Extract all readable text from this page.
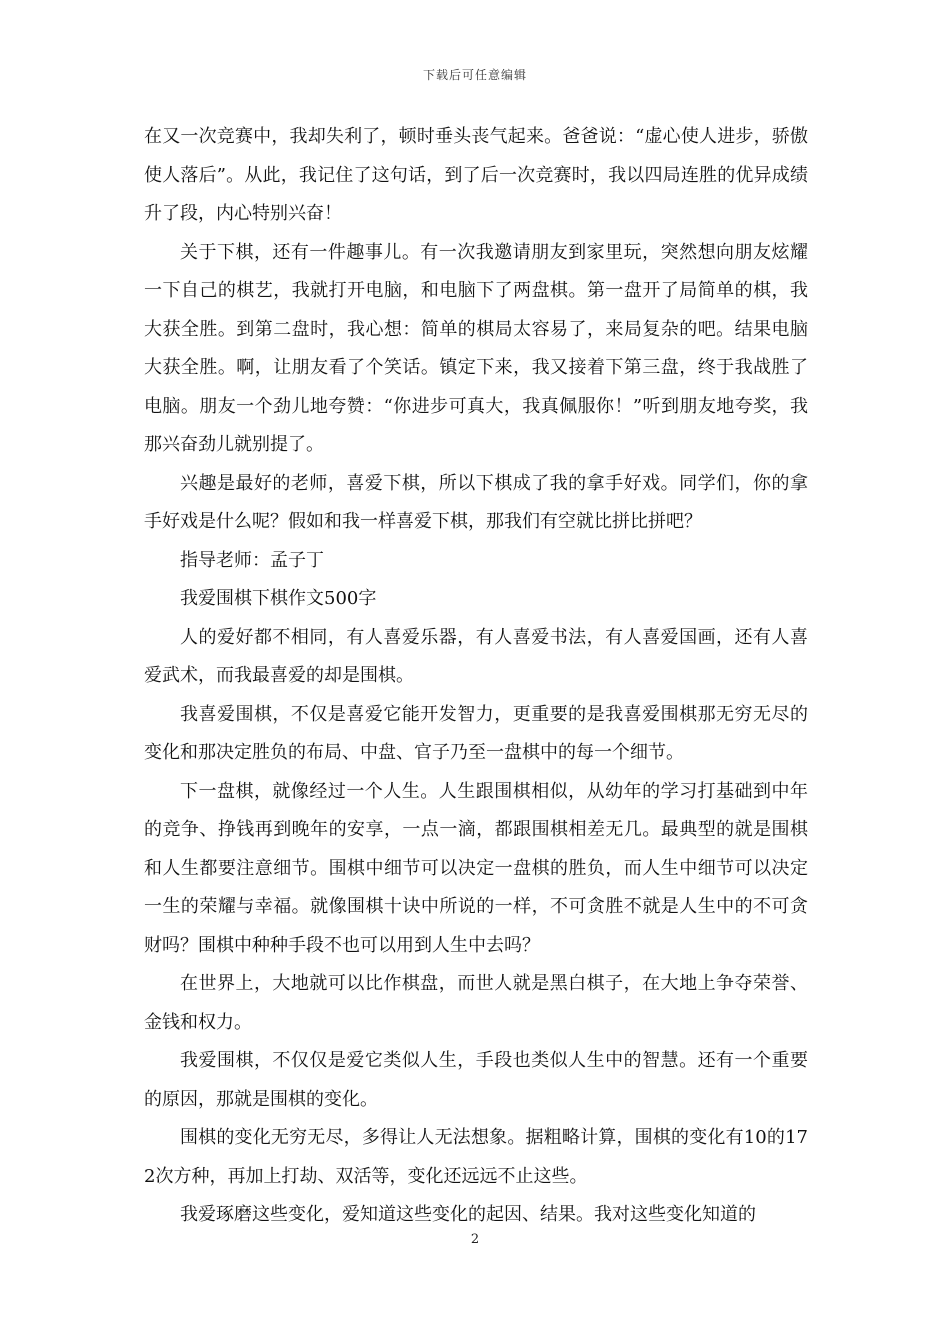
下载后可任意编辑

在又一次竞赛中，我却失利了，顿时垂头丧气起来。爸爸说：“虚心使人进步，骄傲使人落后”。从此，我记住了这句话，到了后一次竞赛时，我以四局连胜的优异成绩升了段，内心特别兴奋！

关于下棋，还有一件趣事儿。有一次我邀请朋友到家里玩，突然想向朋友炫耀一下自己的棋艺，我就打开电脑，和电脑下了两盘棋。第一盘开了局简单的棋，我大获全胜。到第二盘时，我心想：简单的棋局太容易了，来局复杂的吧。结果电脑大获全胜。啊，让朋友看了个笑话。镇定下来，我又接着下第三盘，终于我战胜了电脑。朋友一个劲儿地夸赞：“你进步可真大，我真佩服你！”听到朋友地夸奖，我那兴奋劲儿就别提了。

兴趣是最好的老师，喜爱下棋，所以下棋成了我的拿手好戏。同学们，你的拿手好戏是什么呢？假如和我一样喜爱下棋，那我们有空就比拼比拼吧？

指导老师：孟子丁

我爱围棋下棋作文500字

人的爱好都不相同，有人喜爱乐器，有人喜爱书法，有人喜爱国画，还有人喜爱武术，而我最喜爱的却是围棋。

我喜爱围棋，不仅是喜爱它能开发智力，更重要的是我喜爱围棋那无穷无尽的变化和那决定胜负的布局、中盘、官子乃至一盘棋中的每一个细节。

下一盘棋，就像经过一个人生。人生跟围棋相似，从幼年的学习打基础到中年的竞争、挣钱再到晚年的安享，一点一滴，都跟围棋相差无几。最典型的就是围棋和人生都要注意细节。围棋中细节可以决定一盘棋的胜负，而人生中细节可以决定一生的荣耀与幸福。就像围棋十诀中所说的一样，不可贪胜不就是人生中的不可贪财吗？围棋中种种手段不也可以用到人生中去吗？

在世界上，大地就可以比作棋盘，而世人就是黑白棋子，在大地上争夺荣誉、金钱和权力。

我爱围棋，不仅仅是爱它类似人生，手段也类似人生中的智慧。还有一个重要的原因，那就是围棋的变化。

围棋的变化无穷无尽，多得让人无法想象。据粗略计算，围棋的变化有10的172次方种，再加上打劫、双活等，变化还远远不止这些。

我爱琢磨这些变化，爱知道这些变化的起因、结果。我对这些变化知道的

2
